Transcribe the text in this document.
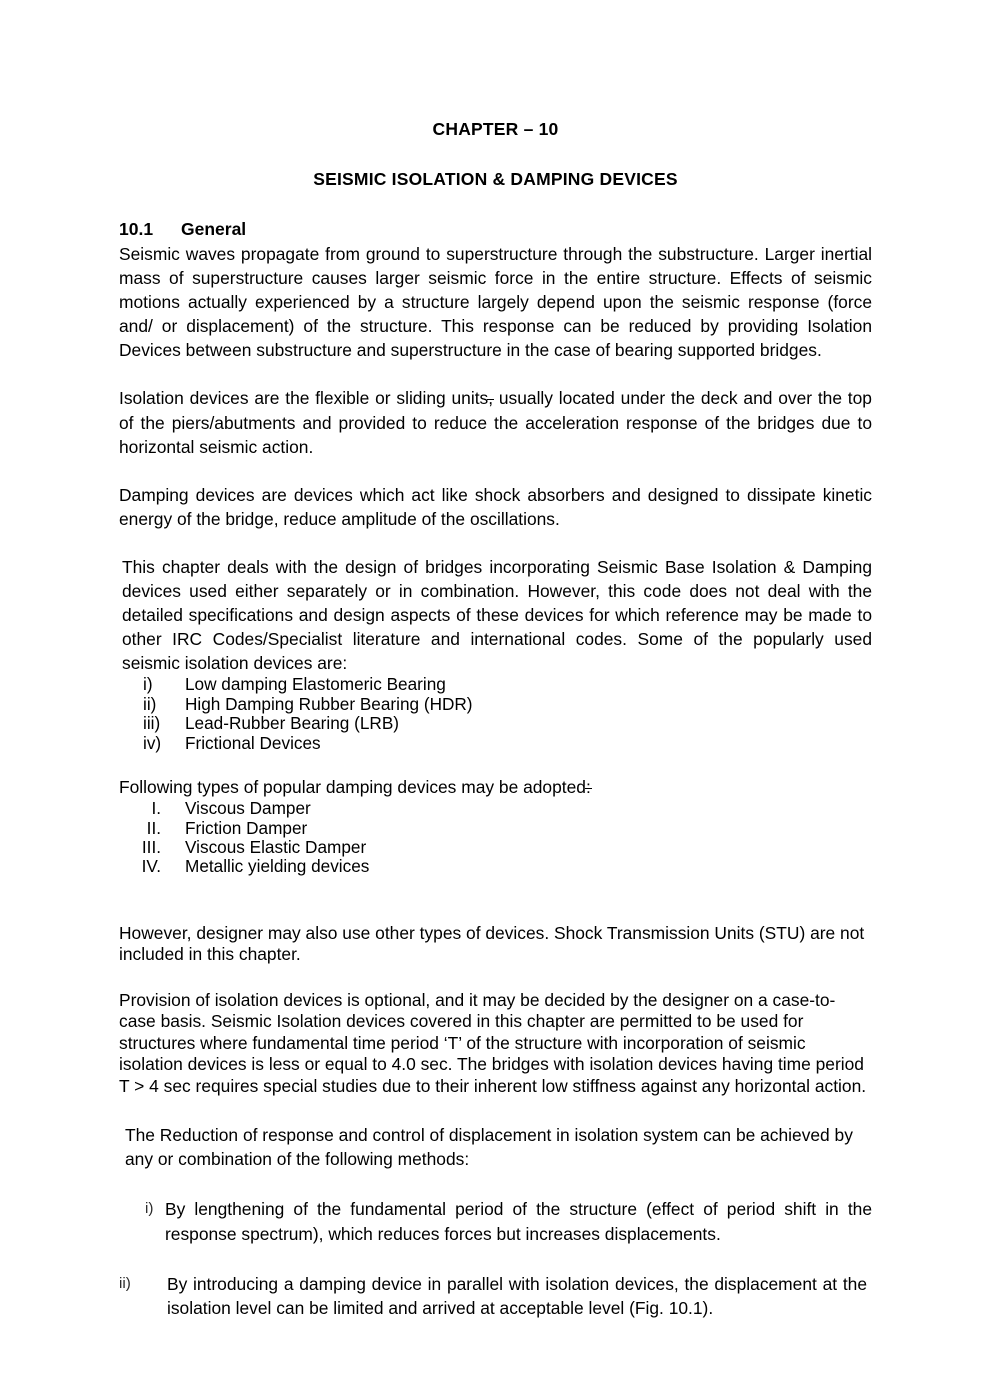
CHAPTER – 10
SEISMIC ISOLATION & DAMPING DEVICES
10.1	General

Seismic waves propagate from ground to superstructure through the substructure. Larger inertial mass of superstructure causes larger seismic force in the entire structure. Effects of seismic motions actually experienced by a structure largely depend upon the seismic response (force and/ or displacement) of the structure. This response can be reduced by providing Isolation Devices between substructure and superstructure in the case of bearing supported bridges.

Isolation devices are the flexible or sliding units, usually located under the deck and over the top of the piers/abutments and provided to reduce the acceleration response of the bridges due to horizontal seismic action.

Damping devices are devices which act like shock absorbers and designed to dissipate kinetic energy of the bridge, reduce amplitude of the oscillations.

This chapter deals with the design of bridges incorporating Seismic Base Isolation & Damping devices used either separately or in combination. However, this code does not deal with the detailed specifications and design aspects of these devices for which reference may be made to other IRC Codes/Specialist literature and international codes. Some of the popularly used seismic isolation devices are:

i)	Low damping Elastomeric Bearing
ii)	High Damping Rubber Bearing (HDR)
iii)	Lead-Rubber Bearing (LRB)
iv)	Frictional Devices

Following types of popular damping devices may be adopted:

I.	Viscous Damper
II.	Friction Damper
III.	Viscous Elastic Damper
IV.	Metallic yielding devices

However, designer may also use other types of devices. Shock Transmission Units (STU) are not included in this chapter.

Provision of isolation devices is optional, and it may be decided by the designer on a case-to-case basis. Seismic Isolation devices covered in this chapter are permitted to be used for structures where fundamental time period ‘T’ of the structure with incorporation of seismic isolation devices is less or equal to 4.0 sec. The bridges with isolation devices having time period T > 4 sec requires special studies due to their inherent low stiffness against any horizontal action.

The Reduction of response and control of displacement in isolation system can be achieved by any or combination of the following methods:

i) By lengthening of the fundamental period of the structure (effect of period shift in the response spectrum), which reduces forces but increases displacements.
ii)	By introducing a damping device in parallel with isolation devices, the displacement at the isolation level can be limited and arrived at acceptable level (Fig. 10.1).
